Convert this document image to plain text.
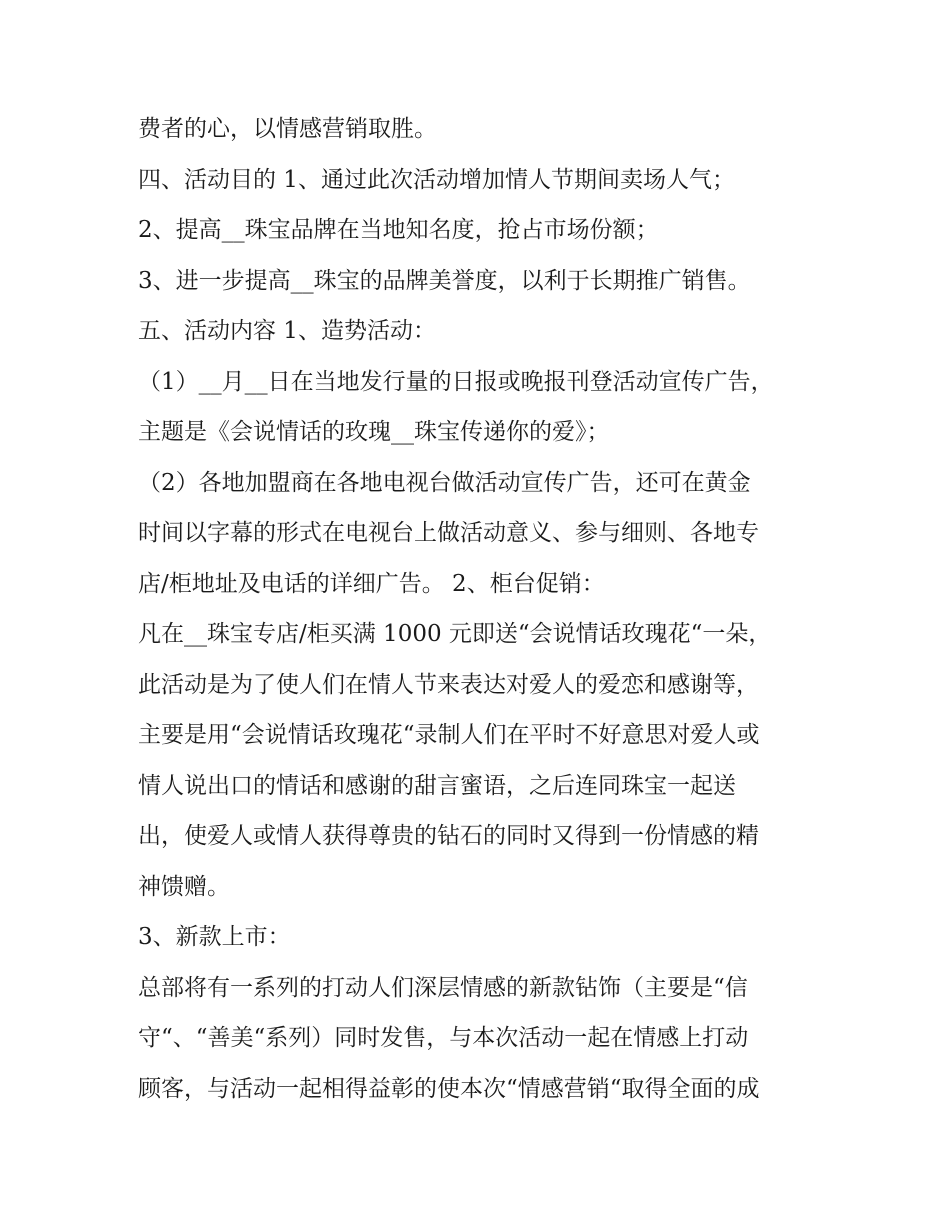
费者的心，以情感营销取胜。
四、活动目的 1、通过此次活动增加情人节期间卖场人气；
2、提高__珠宝品牌在当地知名度，抢占市场份额；
3、进一步提高__珠宝的品牌美誉度，以利于长期推广销售。
五、活动内容 1、造势活动：
（1）__月__日在当地发行量的日报或晚报刊登活动宣传广告，
主题是《会说情话的玫瑰__珠宝传递你的爱》；
（2）各地加盟商在各地电视台做活动宣传广告，还可在黄金
时间以字幕的形式在电视台上做活动意义、参与细则、各地专
店/柜地址及电话的详细广告。 2、柜台促销：
凡在__珠宝专店/柜买满 1000 元即送“会说情话玫瑰花“一朵，
此活动是为了使人们在情人节来表达对爱人的爱恋和感谢等，
主要是用“会说情话玫瑰花“录制人们在平时不好意思对爱人或
情人说出口的情话和感谢的甜言蜜语，之后连同珠宝一起送
出，使爱人或情人获得尊贵的钻石的同时又得到一份情感的精
神馈赠。
3、新款上市：
总部将有一系列的打动人们深层情感的新款钻饰（主要是“信
守“、“善美“系列）同时发售，与本次活动一起在情感上打动
顾客，与活动一起相得益彰的使本次“情感营销“取得全面的成
